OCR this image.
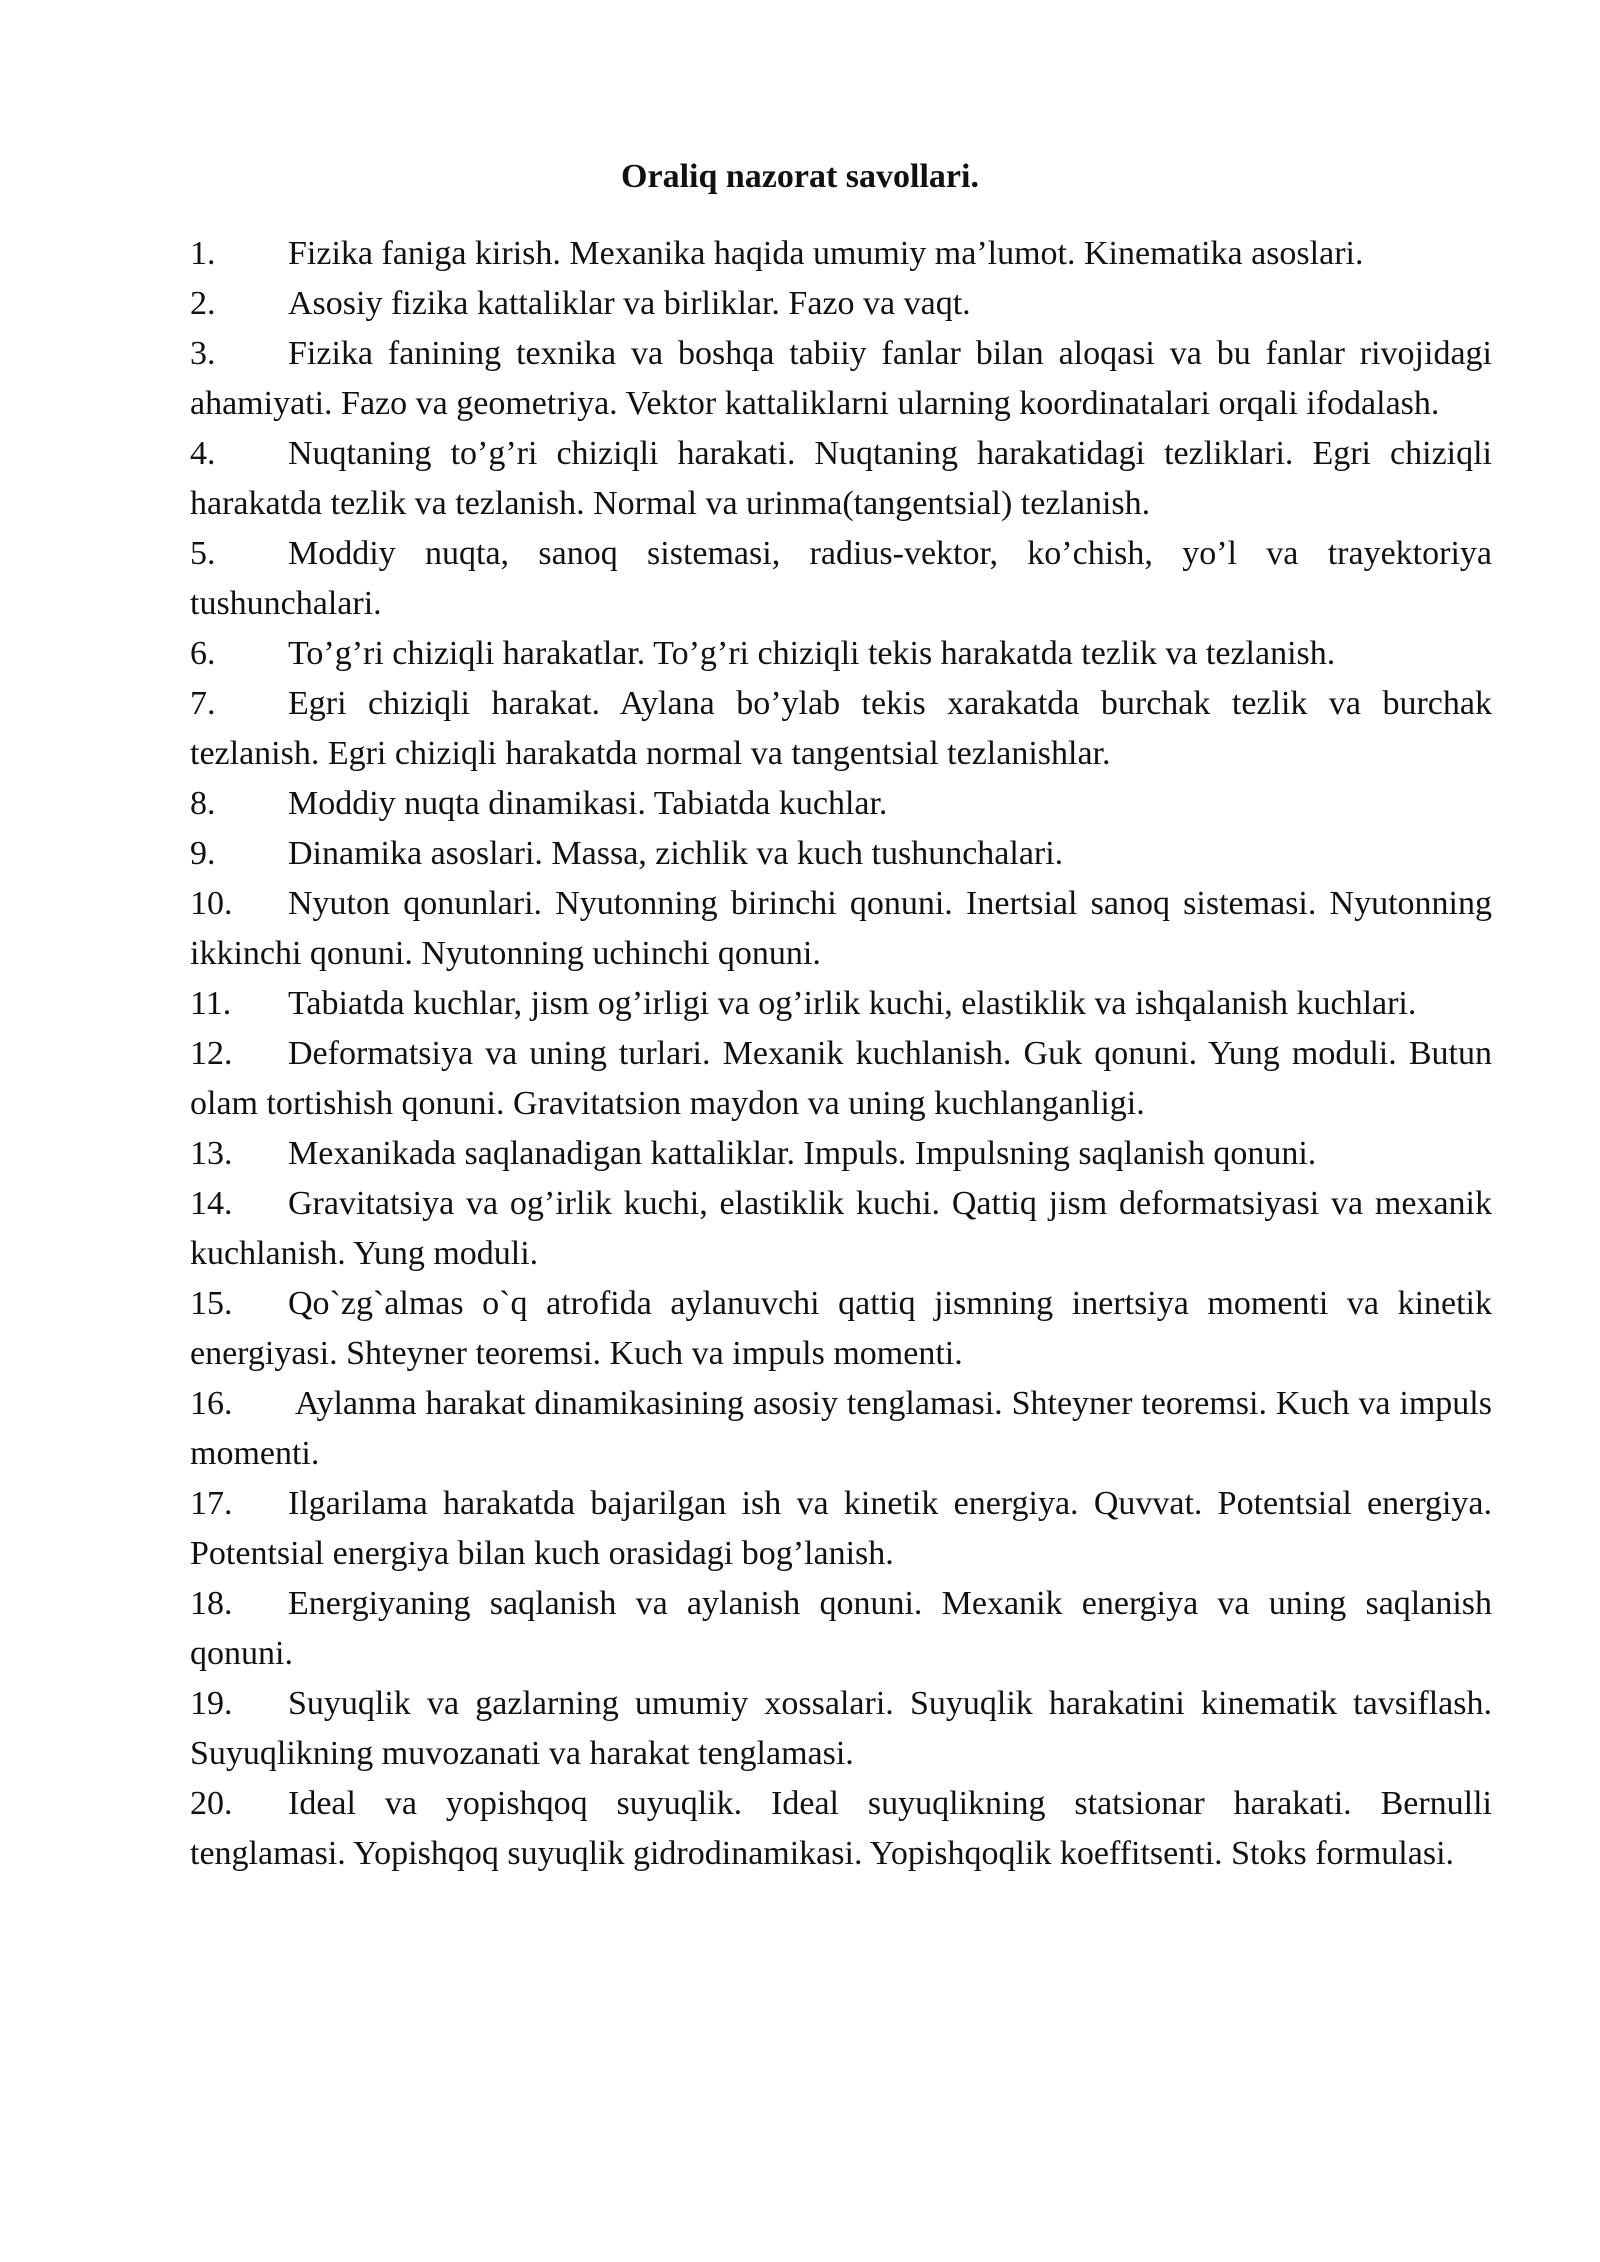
Oraliq nazorat savollari.
1. Fizika faniga kirish. Mexanika haqida umumiy ma’lumot. Kinematika asoslari.
2. Asosiy fizika kattaliklar va birliklar. Fazo va vaqt.
3. Fizika fanining texnika va boshqa tabiiy fanlar bilan aloqasi va bu fanlar rivojidagi ahamiyati. Fazo va geometriya. Vektor kattaliklarni ularning koordinatalari orqali ifodalash.
4. Nuqtaning to’g’ri chiziqli harakati. Nuqtaning harakatidagi tezliklari. Egri chiziqli harakatda tezlik va tezlanish. Normal va urinma(tangentsial) tezlanish.
5. Moddiy nuqta, sanoq sistemasi, radius-vektor, ko’chish, yo’l va trayektoriya tushunchalari.
6. To’g’ri chiziqli harakatlar. To’g’ri chiziqli tekis harakatda tezlik va tezlanish.
7. Egri chiziqli harakat. Aylana bo’ylab tekis xarakatda burchak tezlik va burchak tezlanish. Egri chiziqli harakatda normal va tangentsial tezlanishlar.
8. Moddiy nuqta dinamikasi. Tabiatda kuchlar.
9. Dinamika asoslari. Massa, zichlik va kuch tushunchalari.
10. Nyuton qonunlari. Nyutonning birinchi qonuni. Inertsial sanoq sistemasi. Nyutonning ikkinchi qonuni. Nyutonning uchinchi qonuni.
11. Tabiatda kuchlar, jism og’irligi va og’irlik kuchi, elastiklik va ishqalanish kuchlari.
12. Deformatsiya va uning turlari. Mexanik kuchlanish. Guk qonuni. Yung moduli. Butun olam tortishish qonuni. Gravitatsion maydon va uning kuchlanganligi.
13. Mexanikada saqlanadigan kattaliklar. Impuls. Impulsning saqlanish qonuni.
14. Gravitatsiya va og’irlik kuchi, elastiklik kuchi. Qattiq jism deformatsiyasi va mexanik kuchlanish. Yung moduli.
15. Qo`zg`almas o`q atrofida aylanuvchi qattiq jismning inertsiya momenti va kinetik energiyasi. Shteyner teoremsi. Kuch va impuls momenti.
16. Aylanma harakat dinamikasining asosiy tenglamasi. Shteyner teoremsi. Kuch va impuls momenti.
17. Ilgarilama harakatda bajarilgan ish va kinetik energiya. Quvvat. Potentsial energiya. Potentsial energiya bilan kuch orasidagi bog’lanish.
18. Energiyaning saqlanish va aylanish qonuni. Mexanik energiya va uning saqlanish qonuni.
19. Suyuqlik va gazlarning umumiy xossalari. Suyuqlik harakatini kinematik tavsiflash. Suyuqlikning muvozanati va harakat tenglamasi.
20. Ideal va yopishqoq suyuqlik. Ideal suyuqlikning statsionar harakati. Bernulli tenglamasi. Yopishqoq suyuqlik gidrodinamikasi. Yopishqoqlik koeffitsenti. Stoks formulasi.
